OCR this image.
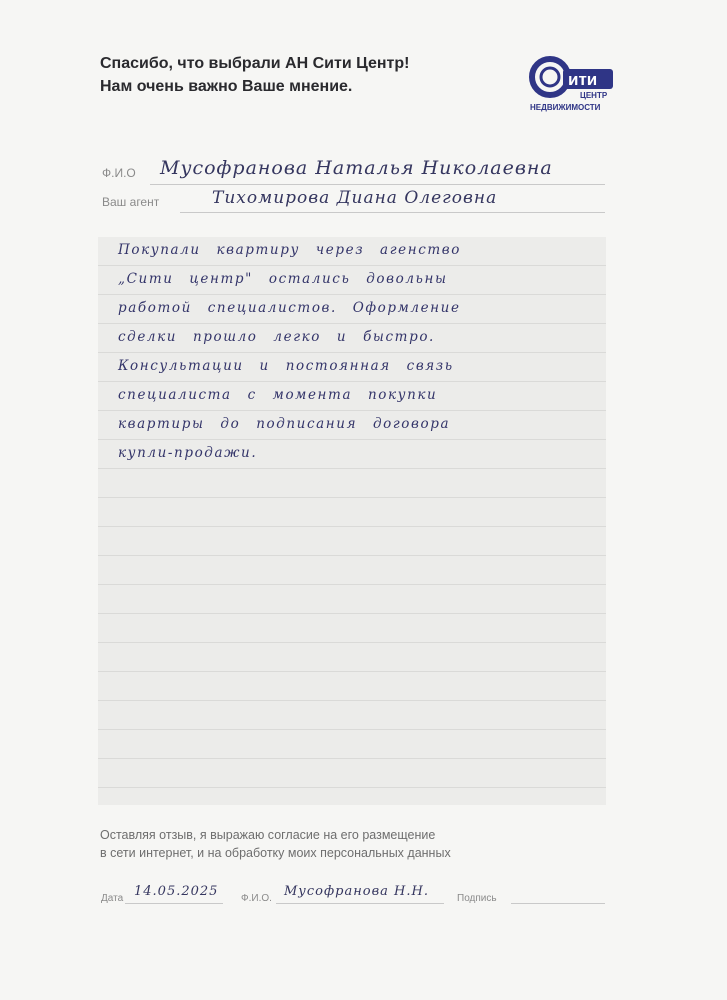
Спасибо, что выбрали АН Сити Центр!
Нам очень важно Ваше мнение.	ити
ЦЕНТР
НЕДВИЖИМОСТИ
Ф.И.О Мусофранова Наталья Николаевна
Ваш агент	Тихомирова Диана Олеговна
Покупали квартиру через агенство
„Сити центр" остались довольны
работой специалистов. Оформление
сделки прошло легко и быстро.
Консультации и постоянная связь
специалиста с момента покупки
квартиры до подписания договора
купли-продажи.
Оставляя отзыв, я выражаю согласие на его размещение
в сети интернет, и на обработку моих персональных данных
Дата 14.05.2025 Ф.И.О. Мусофранова Н.Н.	Подпись
